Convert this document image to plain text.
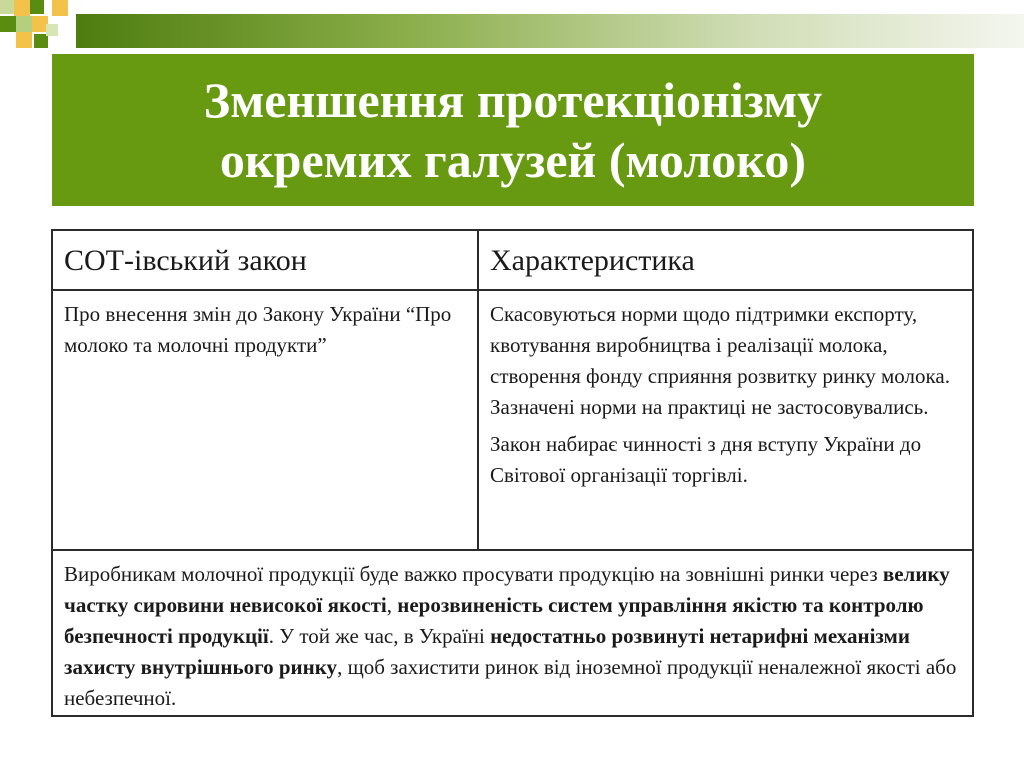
Зменшення протекціонізму
окремих галузей (молоко)
СОТ-івський закон	Характеристика

Про внесення змін до Закону України “Про молоко та молочні продукти”

Скасовуються норми щодо підтримки експорту, квотування виробництва і реалізації молока, створення фонду сприяння розвитку ринку молока. Зазначені норми на практиці не застосовувались.

Закон набирає чинності з дня вступу України до Світової організації торгівлі.

Виробникам молочної продукції буде важко просувати продукцію на зовнішні ринки через велику частку сировини невисокої якості, нерозвиненість систем управління якістю та контролю безпечності продукції. У той же час, в Україні недостатньо розвинуті нетарифні механізми захисту внутрішнього ринку, щоб захистити ринок від іноземної продукції неналежної якості або небезпечної.
